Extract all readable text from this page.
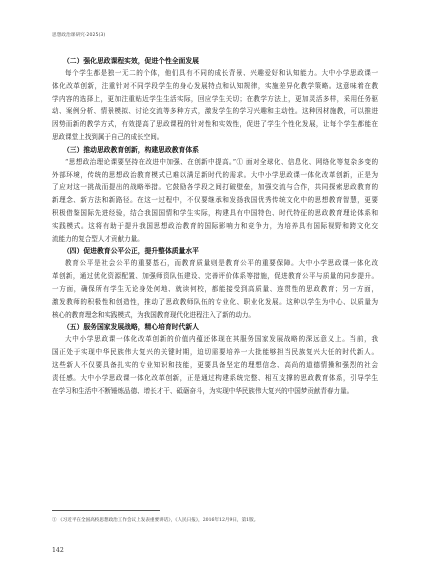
思想政治课研究·2025(3)
（二）强化思政课程实效，促进个性全面发展

每个学生都是独一无二的个体，他们具有不同的成长背景、兴趣爱好和认知能力。大中小学思政课一

体化改革创新，注重针对不同学段学生的身心发展特点和认知规律，实施差异化教学策略。这意味着在教

学内容的选择上，更加注重贴近学生生活实际，回应学生关切；在教学方法上，更加灵活多样，采用任务驱

动、案例分析、情景模拟、讨论交流等多种方式，激发学生的学习兴趣和主动性。这种因材施教，可以推进

因势而新的教学方式，有效提高了思政课程的针对性和实效性，促进了学生个性化发展，让每个学生都能在

思政课堂上找到属于自己的成长空间。

（三）推动思政教育创新，构建思政教育体系

“思想政治理论课要坚持在改进中加强、在创新中提高。”① 面对全球化、信息化、网络化等复杂多变的

外部环境，传统的思想政治教育模式已难以满足新时代的需求。大中小学思政课一体化改革创新，正是为

了应对这一挑战而提出的战略举措。它鼓励各学段之间打破壁垒，加强交流与合作，共同探索思政教育的

新理念、新方法和新路径。在这一过程中，不仅要继承和发扬我国优秀传统文化中的思想教育智慧，更要

积极借鉴国际先进经验，结合我国国情和学生实际，构建具有中国特色、时代特征的思政教育理论体系和

实践模式。这将有助于提升我国思想政治教育的国际影响力和竞争力，为培养具有国际视野和跨文化交

流能力的复合型人才贡献力量。

（四）促进教育公平公正，提升整体质量水平

教育公平是社会公平的重要基石，而教育质量则是教育公平的重要保障。大中小学思政课一体化改

革创新，通过优化资源配置、加强师资队伍建设、完善评价体系等措施，促进教育公平与质量的同步提升。

一方面，确保所有学生无论身处何地、就读何校，都能接受到高质量、连贯性的思政教育；另一方面，

激发教师的积极性和创造性，推动了思政教师队伍的专业化、职业化发展。这种以学生为中心、以质量为

核心的教育理念和实践模式，为我国教育现代化进程注入了新的动力。

（五）服务国家发展战略，精心培育时代新人

大中小学思政课一体化改革创新的价值内蕴还体现在其服务国家发展战略的深远意义上。当前，我

国正处于实现中华民族伟大复兴的关键时期，迫切需要培养一大批能够担当民族复兴大任的时代新人。

这些新人不仅要具备扎实的专业知识和技能，更要具备坚定的理想信念、高尚的道德情操和强烈的社会

责任感。大中小学思政课一体化改革创新，正是通过构建系统完整、相互支撑的思政教育体系，引导学生

在学习和生活中不断锤炼品德、增长才干、砥砺奋斗，为实现中华民族伟大复兴的中国梦贡献青春力量。

① 《习近平在全国高校思想政治工作会议上发表重要讲话》，《人民日报》，2016年12月9日，第1版。
142
